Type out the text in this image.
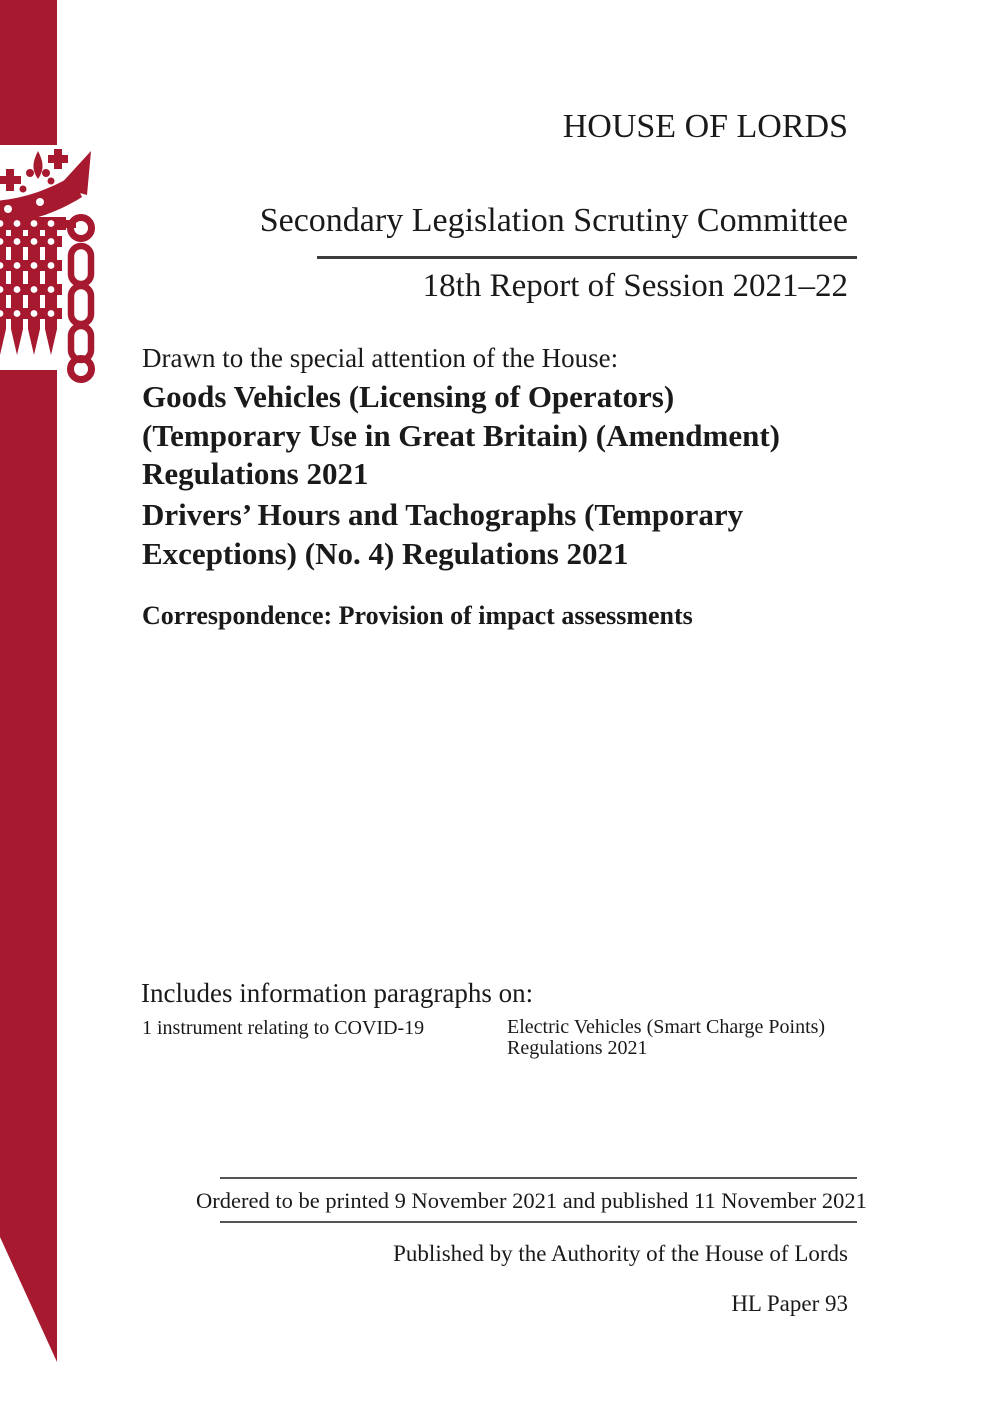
HOUSE OF LORDS
Secondary Legislation Scrutiny Committee
18th Report of Session 2021–22
Drawn to the special attention of the House:
Goods Vehicles (Licensing of Operators)
(Temporary Use in Great Britain) (Amendment)
Regulations 2021
Drivers’ Hours and Tachographs (Temporary
Exceptions) (No. 4) Regulations 2021
Correspondence: Provision of impact assessments
Includes information paragraphs on:
1 instrument relating to COVID-19	Electric Vehicles (Smart Charge Points)
Regulations 2021
Ordered to be printed 9 November 2021 and published 11 November 2021
Published by the Authority of the House of Lords
HL Paper 93
